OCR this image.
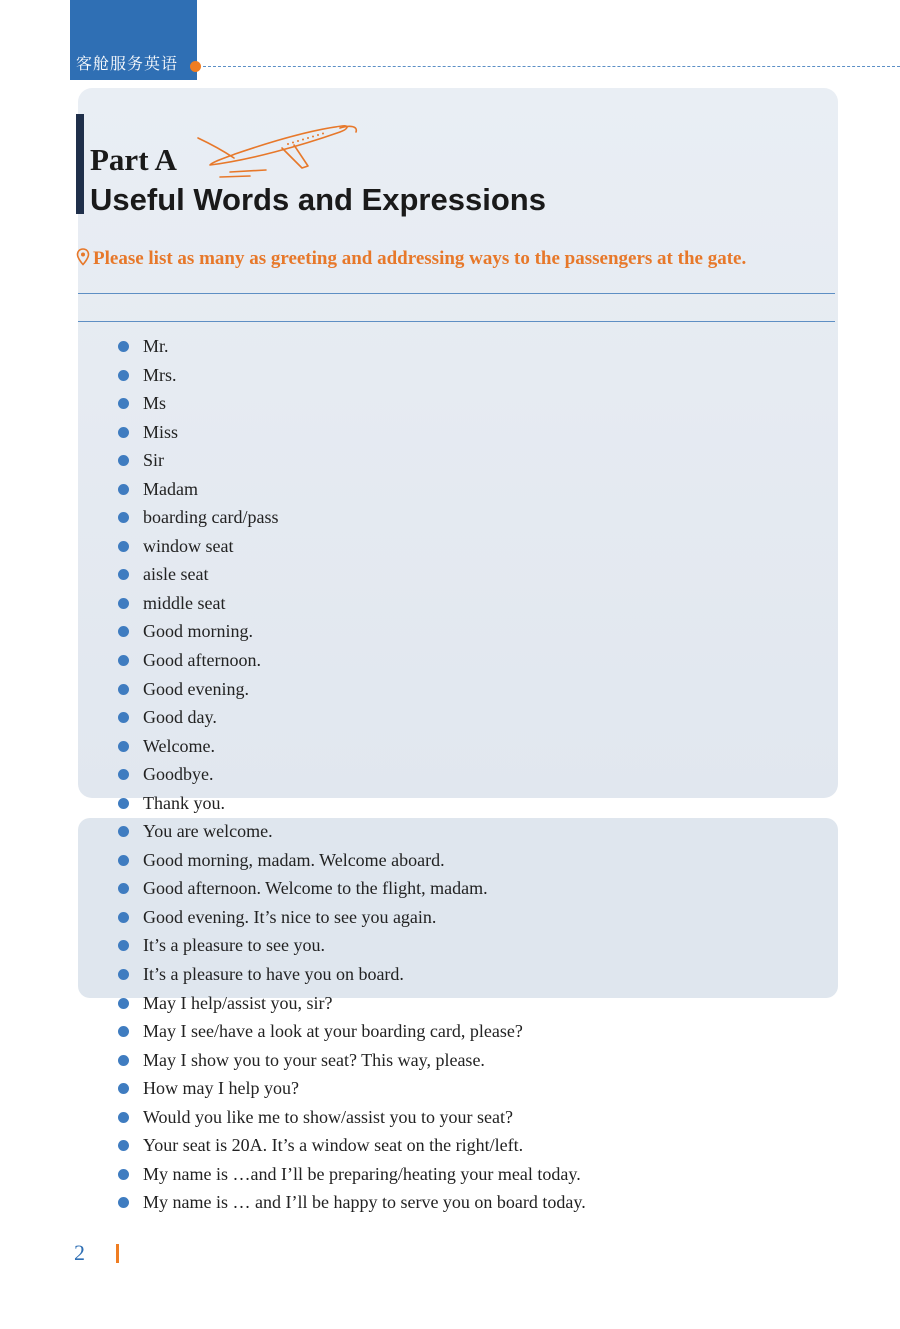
客舱服务英语
Part A
Useful Words and Expressions
Please list as many as greeting and addressing ways to the passengers at the gate.
Mr.
Mrs.
Ms
Miss
Sir
Madam
boarding card/pass
window seat
aisle seat
middle seat
Good morning.
Good afternoon.
Good evening.
Good day.
Welcome.
Goodbye.
Thank you.
You are welcome.
Good morning, madam. Welcome aboard.
Good afternoon. Welcome to the flight, madam.
Good evening. It’s nice to see you again.
It’s a pleasure to see you.
It’s a pleasure to have you on board.
May I help/assist you, sir?
May I see/have a look at your boarding card, please?
May I show you to your seat? This way, please.
How may I help you?
Would you like me to show/assist you to your seat?
Your seat is 20A. It’s a window seat on the right/left.
My name is …and I’ll be preparing/heating your meal today.
My name is … and I’ll be happy to serve you on board today.
2
